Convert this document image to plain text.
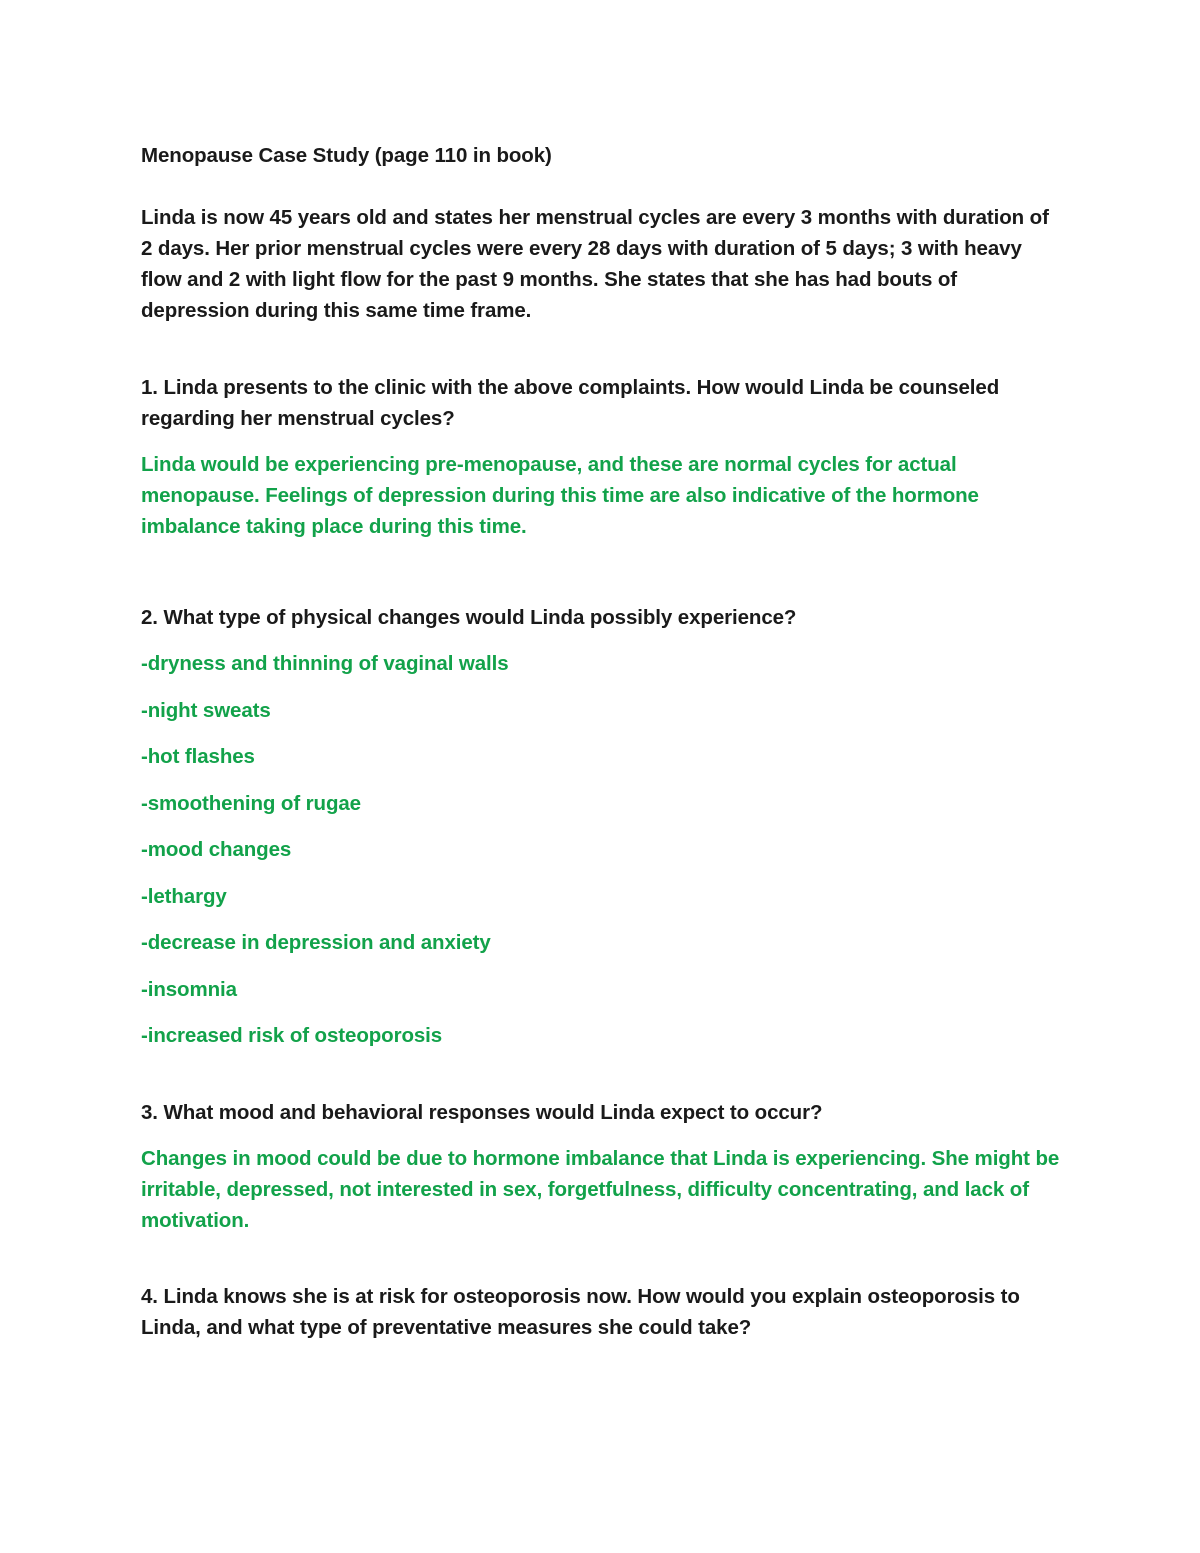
Menopause Case Study (page 110 in book)

Linda is now 45 years old and states her menstrual cycles are every 3 months with duration of 2 days. Her prior menstrual cycles were every 28 days with duration of 5 days; 3 with heavy flow and 2 with light flow for the past 9 months. She states that she has had bouts of depression during this same time frame.

1. Linda presents to the clinic with the above complaints. How would Linda be counseled regarding her menstrual cycles?

Linda would be experiencing pre-menopause, and these are normal cycles for actual menopause. Feelings of depression during this time are also indicative of the hormone imbalance taking place during this time.

2. What type of physical changes would Linda possibly experience?

-dryness and thinning of vaginal walls

-night sweats

-hot flashes

-smoothening of rugae

-mood changes

-lethargy

-decrease in depression and anxiety

-insomnia

-increased risk of osteoporosis

3. What mood and behavioral responses would Linda expect to occur?

Changes in mood could be due to hormone imbalance that Linda is experiencing. She might be irritable, depressed, not interested in sex, forgetfulness, difficulty concentrating, and lack of motivation.

4. Linda knows she is at risk for osteoporosis now. How would you explain osteoporosis to Linda, and what type of preventative measures she could take?
